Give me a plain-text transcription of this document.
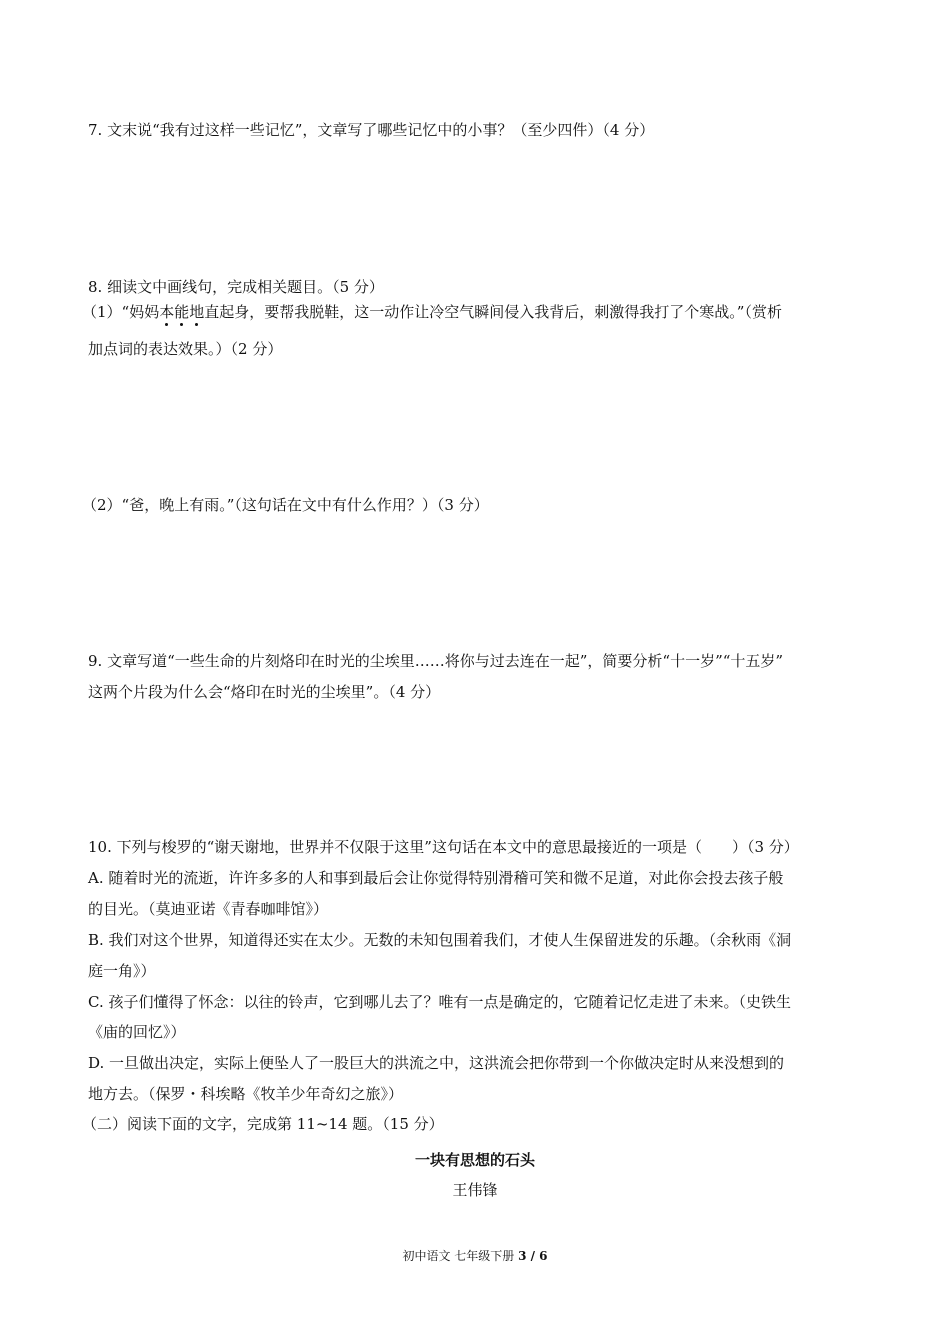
7. 文末说“我有过这样一些记忆”，文章写了哪些记忆中的小事？（至少四件）（4 分）
8. 细读文中画线句，完成相关题目。（5 分）
（1）“妈妈本能地直起身，要帮我脱鞋，这一动作让冷空气瞬间侵入我背后，刺激得我打了个寒战。”（赏析
加点词的表达效果。）（2 分）
（2）“爸，晚上有雨。”（这句话在文中有什么作用？）（3 分）
9. 文章写道“一些生命的片刻烙印在时光的尘埃里……将你与过去连在一起”，简要分析“十一岁”“十五岁”
这两个片段为什么会“烙印在时光的尘埃里”。（4 分）
10. 下列与梭罗的“谢天谢地，世界并不仅限于这里”这句话在本文中的意思最接近的一项是（　　）（3 分）
A. 随着时光的流逝，许许多多的人和事到最后会让你觉得特别滑稽可笑和微不足道，对此你会投去孩子般
的目光。（莫迪亚诺《青春咖啡馆》）
B. 我们对这个世界，知道得还实在太少。无数的未知包围着我们，才使人生保留进发的乐趣。（余秋雨《洞
庭一角》）
C. 孩子们懂得了怀念：以往的铃声，它到哪儿去了？唯有一点是确定的，它随着记忆走进了未来。（史铁生
《庙的回忆》）
D. 一旦做出决定，实际上便坠人了一股巨大的洪流之中，这洪流会把你带到一个你做决定时从来没想到的
地方去。（保罗・科埃略《牧羊少年奇幻之旅》）
（二）阅读下面的文字，完成第 11~14 题。（15 分）
一块有思想的石头
王伟锋
初中语文 七年级下册 3 / 6
